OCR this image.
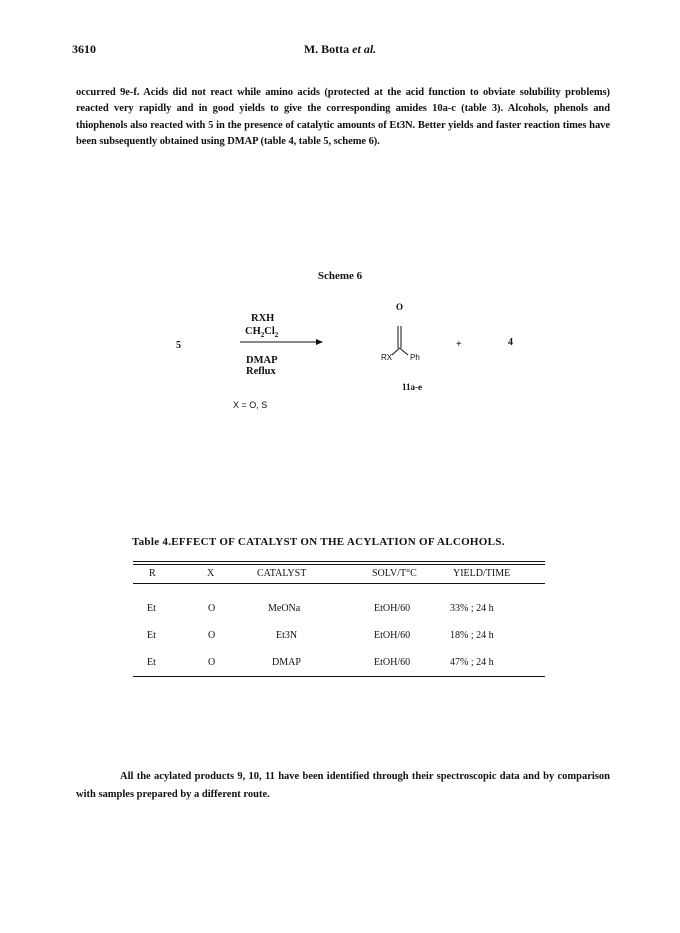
3610	M. Botta et al.
occurred 9e-f. Acids did not react while amino acids (protected at the acid function to obviate solubility problems) reacted very rapidly and in good yields to give the corresponding amides 10a-c (table 3). Alcohols, phenols and thiophenols also reacted with 5 in the presence of catalytic amounts of Et3N. Better yields and faster reaction times have been subsequently obtained using DMAP (table 4, table 5, scheme 6).
Scheme 6
5
RXH
$CH_2Cl_2$
DMAP
Reflux
O
RX Ph
+	4
11a-e
X = O, S
Table 4.EFFECT OF CATALYST ON THE ACYLATION OF ALCOHOLS.
R	X	CATALYST	SOLV/T°C	YIELD/TIME
Et	O	MeONa	EtOH/60	33% ; 24 h
Et	O	Et3N	EtOH/60	18% ; 24 h
Et	O	DMAP	EtOH/60	47% ; 24 h
All the acylated products 9, 10, 11 have been identified through their spectroscopic data and by comparison with samples prepared by a different route.
